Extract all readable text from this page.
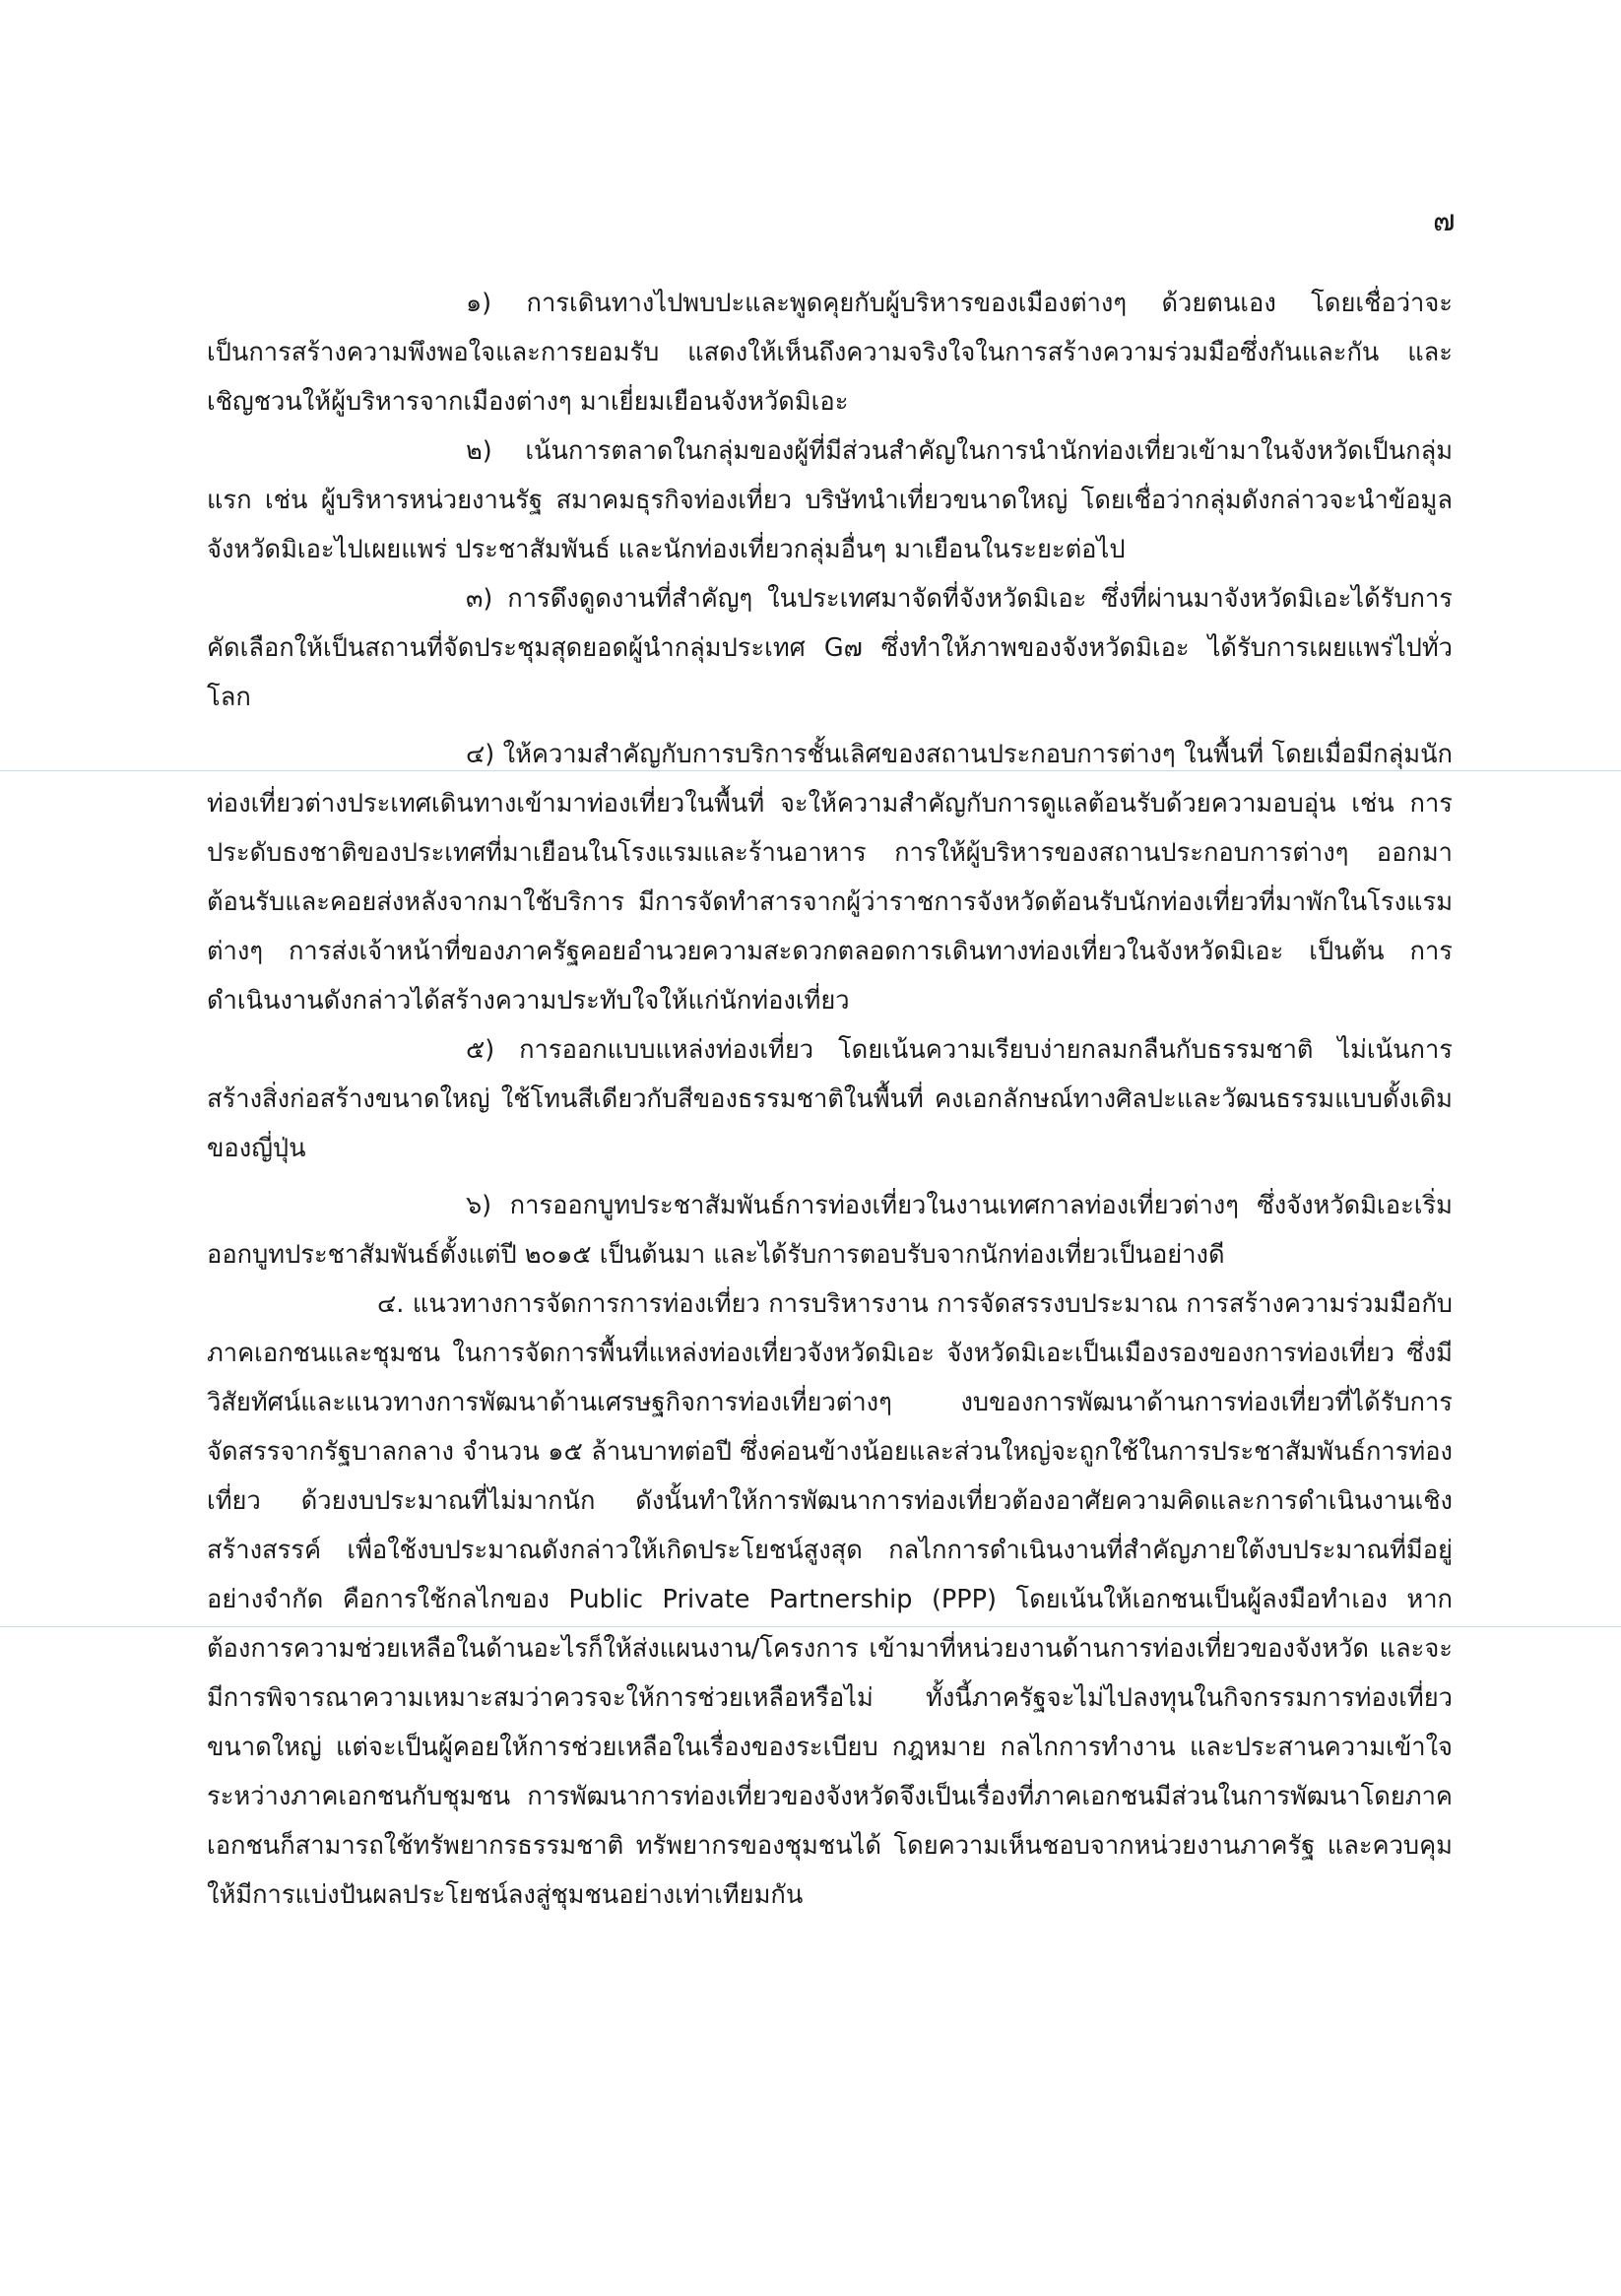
๗

๑) การเดินทางไปพบปะและพูดคุยกับผู้บริหารของเมืองต่างๆ ด้วยตนเอง โดยเชื่อว่าจะเป็นการสร้างความพึงพอใจและการยอมรับ แสดงให้เห็นถึงความจริงใจในการสร้างความร่วมมือซึ่งกันและกัน และเชิญชวนให้ผู้บริหารจากเมืองต่างๆ มาเยี่ยมเยือนจังหวัดมิเอะ

๒) เน้นการตลาดในกลุ่มของผู้ที่มีส่วนสำคัญในการนำนักท่องเที่ยวเข้ามาในจังหวัดเป็นกลุ่มแรก เช่น ผู้บริหารหน่วยงานรัฐ สมาคมธุรกิจท่องเที่ยว บริษัทนำเที่ยวขนาดใหญ่ โดยเชื่อว่ากลุ่มดังกล่าวจะนำข้อมูลจังหวัดมิเอะไปเผยแพร่ ประชาสัมพันธ์ และนักท่องเที่ยวกลุ่มอื่นๆ มาเยือนในระยะต่อไป

๓) การดึงดูดงานที่สำคัญๆ ในประเทศมาจัดที่จังหวัดมิเอะ ซึ่งที่ผ่านมาจังหวัดมิเอะได้รับการคัดเลือกให้เป็นสถานที่จัดประชุมสุดยอดผู้นำกลุ่มประเทศ G๗ ซึ่งทำให้ภาพของจังหวัดมิเอะ ได้รับการเผยแพร่ไปทั่วโลก

๔) ให้ความสำคัญกับการบริการชั้นเลิศของสถานประกอบการต่างๆ ในพื้นที่ โดยเมื่อมีกลุ่มนักท่องเที่ยวต่างประเทศเดินทางเข้ามาท่องเที่ยวในพื้นที่ จะให้ความสำคัญกับการดูแลต้อนรับด้วยความอบอุ่น เช่น การประดับธงชาติของประเทศที่มาเยือนในโรงแรมและร้านอาหาร การให้ผู้บริหารของสถานประกอบการต่างๆ ออกมาต้อนรับและคอยส่งหลังจากมาใช้บริการ มีการจัดทำสารจากผู้ว่าราชการจังหวัดต้อนรับนักท่องเที่ยวที่มาพักในโรงแรมต่างๆ การส่งเจ้าหน้าที่ของภาครัฐคอยอำนวยความสะดวกตลอดการเดินทางท่องเที่ยวในจังหวัดมิเอะ เป็นต้น การดำเนินงานดังกล่าวได้สร้างความประทับใจให้แก่นักท่องเที่ยว

๕) การออกแบบแหล่งท่องเที่ยว โดยเน้นความเรียบง่ายกลมกลืนกับธรรมชาติ ไม่เน้นการสร้างสิ่งก่อสร้างขนาดใหญ่ ใช้โทนสีเดียวกับสีของธรรมชาติในพื้นที่ คงเอกลักษณ์ทางศิลปะและวัฒนธรรมแบบดั้งเดิมของญี่ปุ่น

๖) การออกบูทประชาสัมพันธ์การท่องเที่ยวในงานเทศกาลท่องเที่ยวต่างๆ ซึ่งจังหวัดมิเอะเริ่มออกบูทประชาสัมพันธ์ตั้งแต่ปี ๒๐๑๕ เป็นต้นมา และได้รับการตอบรับจากนักท่องเที่ยวเป็นอย่างดี

๔. แนวทางการจัดการการท่องเที่ยว การบริหารงาน การจัดสรรงบประมาณ การสร้างความร่วมมือกับภาคเอกชนและชุมชน ในการจัดการพื้นที่แหล่งท่องเที่ยวจังหวัดมิเอะ จังหวัดมิเอะเป็นเมืองรองของการท่องเที่ยว ซึ่งมีวิสัยทัศน์และแนวทางการพัฒนาด้านเศรษฐกิจการท่องเที่ยวต่างๆ งบของการพัฒนาด้านการท่องเที่ยวที่ได้รับการจัดสรรจากรัฐบาลกลาง จำนวน ๑๕ ล้านบาทต่อปี ซึ่งค่อนข้างน้อยและส่วนใหญ่จะถูกใช้ในการประชาสัมพันธ์การท่องเที่ยว ด้วยงบประมาณที่ไม่มากนัก ดังนั้นทำให้การพัฒนาการท่องเที่ยวต้องอาศัยความคิดและการดำเนินงานเชิงสร้างสรรค์ เพื่อใช้งบประมาณดังกล่าวให้เกิดประโยชน์สูงสุด กลไกการดำเนินงานที่สำคัญภายใต้งบประมาณที่มีอยู่อย่างจำกัด คือการใช้กลไกของ Public Private Partnership (PPP) โดยเน้นให้เอกชนเป็นผู้ลงมือทำเอง หากต้องการความช่วยเหลือในด้านอะไรก็ให้ส่งแผนงาน/โครงการ เข้ามาที่หน่วยงานด้านการท่องเที่ยวของจังหวัด และจะมีการพิจารณาความเหมาะสมว่าควรจะให้การช่วยเหลือหรือไม่ ทั้งนี้ภาครัฐจะไม่ไปลงทุนในกิจกรรมการท่องเที่ยวขนาดใหญ่ แต่จะเป็นผู้คอยให้การช่วยเหลือในเรื่องของระเบียบ กฎหมาย กลไกการทำงาน และประสานความเข้าใจระหว่างภาคเอกชนกับชุมชน การพัฒนาการท่องเที่ยวของจังหวัดจึงเป็นเรื่องที่ภาคเอกชนมีส่วนในการพัฒนาโดยภาคเอกชนก็สามารถใช้ทรัพยากรธรรมชาติ ทรัพยากรของชุมชนได้ โดยความเห็นชอบจากหน่วยงานภาครัฐ และควบคุมให้มีการแบ่งปันผลประโยชน์ลงสู่ชุมชนอย่างเท่าเทียมกัน
